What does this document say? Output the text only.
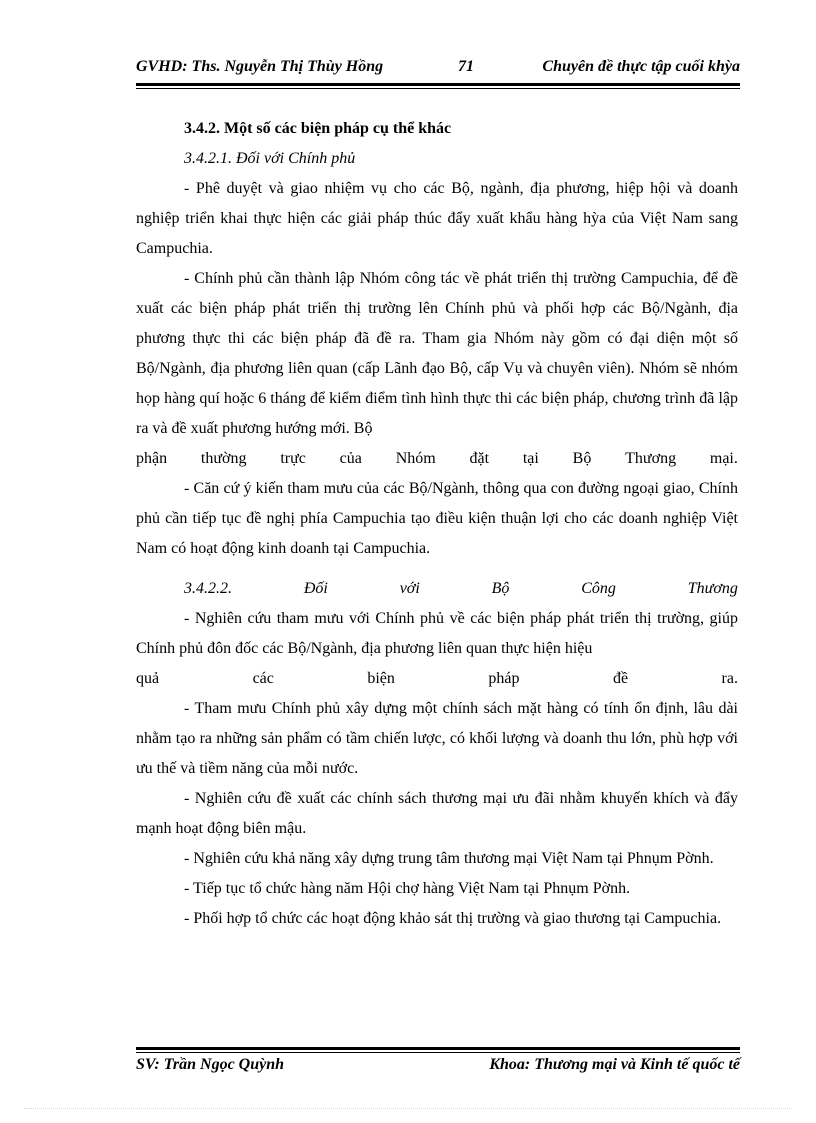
GVHD: Ths. Nguyễn Thị Thùy Hồng	71	Chuyên đề thực tập cuối khỳa

3.4.2. Một số các biện pháp cụ thể khác

3.4.2.1. Đối với Chính phủ

- Phê duyệt và giao nhiệm vụ cho các Bộ, ngành, địa phương, hiệp hội và doanh nghiệp triển khai thực hiện các giải pháp thúc đẩy xuất khẩu hàng hỳa của Việt Nam sang Campuchia.

- Chính phủ cần thành lập Nhóm công tác về phát triển thị trường Campuchia, để đề xuất các biện pháp phát triển thị trường lên Chính phủ và phối hợp các Bộ/Ngành, địa phương thực thi các biện pháp đã đề ra. Tham gia Nhóm này gồm có đại diện một số Bộ/Ngành, địa phương liên quan (cấp Lãnh đạo Bộ, cấp Vụ và chuyên viên). Nhóm sẽ nhóm họp hàng quí hoặc 6 tháng để kiểm điểm tình hình thực thi các biện pháp, chương trình đã lập ra và đề xuất phương hướng mới. Bộ

phận thường trực của Nhóm đặt tại Bộ Thương mại.

- Căn cứ ý kiến tham mưu của các Bộ/Ngành, thông qua con đường ngoại giao, Chính phủ cần tiếp tục đề nghị phía Campuchia tạo điều kiện thuận lợi cho các doanh nghiệp Việt Nam có hoạt động kinh doanh tại Campuchia.

3.4.2.2.	Đối	với	Bộ	Công	Thương

- Nghiên cứu tham mưu với Chính phủ về các biện pháp phát triển thị trường, giúp Chính phủ đôn đốc các Bộ/Ngành, địa phương liên quan thực hiện hiệu

quả	các	biện	pháp	đề	ra.

- Tham mưu Chính phủ xây dựng một chính sách mặt hàng có tính ổn định, lâu dài nhằm tạo ra những sản phẩm có tầm chiến lược, có khối lượng và doanh thu lớn, phù hợp với ưu thế và tiềm năng của mỗi nước.

- Nghiên cứu đề xuất các chính sách thương mại ưu đãi nhằm khuyến khích và đẩy mạnh hoạt động biên mậu.

- Nghiên cứu khả năng xây dựng trung tâm thương mại Việt Nam tại Phnụm Pờnh.

- Tiếp tục tổ chức hàng năm Hội chợ hàng Việt Nam tại Phnụm Pờnh.

- Phối hợp tổ chức các hoạt động khảo sát thị trường và giao thương tại Campuchia.

SV: Trần Ngọc Quỳnh	Khoa: Thương mại và Kinh tế quốc tế
